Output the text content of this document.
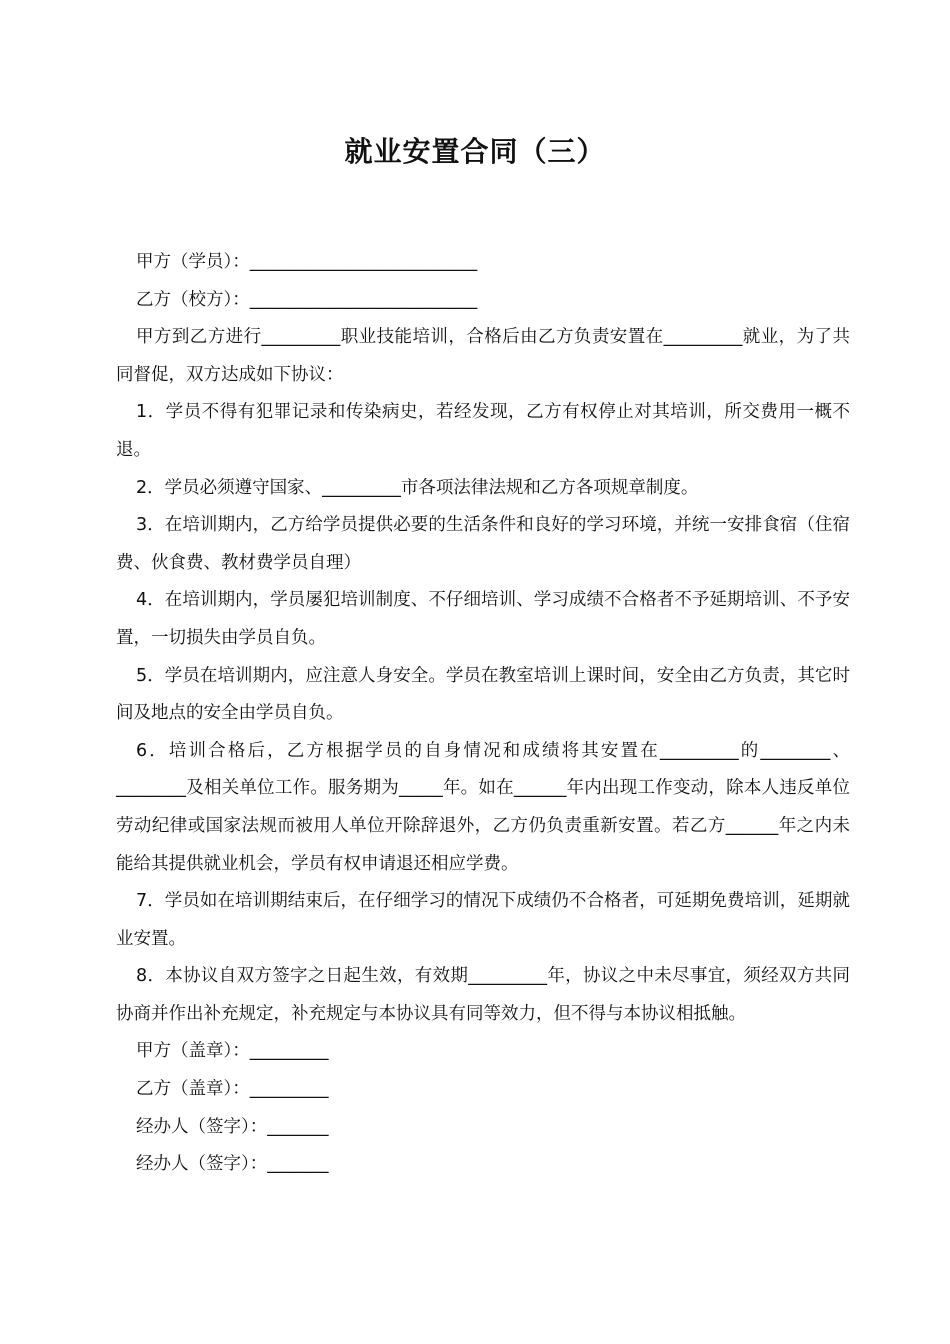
就业安置合同（三）

甲方（学员）：__________________________

乙方（校方）：__________________________

甲方到乙方进行_________职业技能培训，合格后由乙方负责安置在_________就业，为了共同督促，双方达成如下协议：

1．学员不得有犯罪记录和传染病史，若经发现，乙方有权停止对其培训，所交费用一概不退。

2．学员必须遵守国家、_________市各项法律法规和乙方各项规章制度。

3．在培训期内，乙方给学员提供必要的生活条件和良好的学习环境，并统一安排食宿（住宿费、伙食费、教材费学员自理）

4．在培训期内，学员屡犯培训制度、不仔细培训、学习成绩不合格者不予延期培训、不予安置，一切损失由学员自负。

5．学员在培训期内，应注意人身安全。学员在教室培训上课时间，安全由乙方负责，其它时间及地点的安全由学员自负。

6．培训合格后，乙方根据学员的自身情况和成绩将其安置在_________的________、________及相关单位工作。服务期为_____年。如在______年内出现工作变动，除本人违反单位劳动纪律或国家法规而被用人单位开除辞退外，乙方仍负责重新安置。若乙方______年之内未能给其提供就业机会，学员有权申请退还相应学费。

7．学员如在培训期结束后，在仔细学习的情况下成绩仍不合格者，可延期免费培训，延期就业安置。

8．本协议自双方签字之日起生效，有效期_________年，协议之中未尽事宜，须经双方共同协商并作出补充规定，补充规定与本协议具有同等效力，但不得与本协议相抵触。

甲方（盖章）：_________

乙方（盖章）：_________

经办人（签字）：_______

经办人（签字）：_______
